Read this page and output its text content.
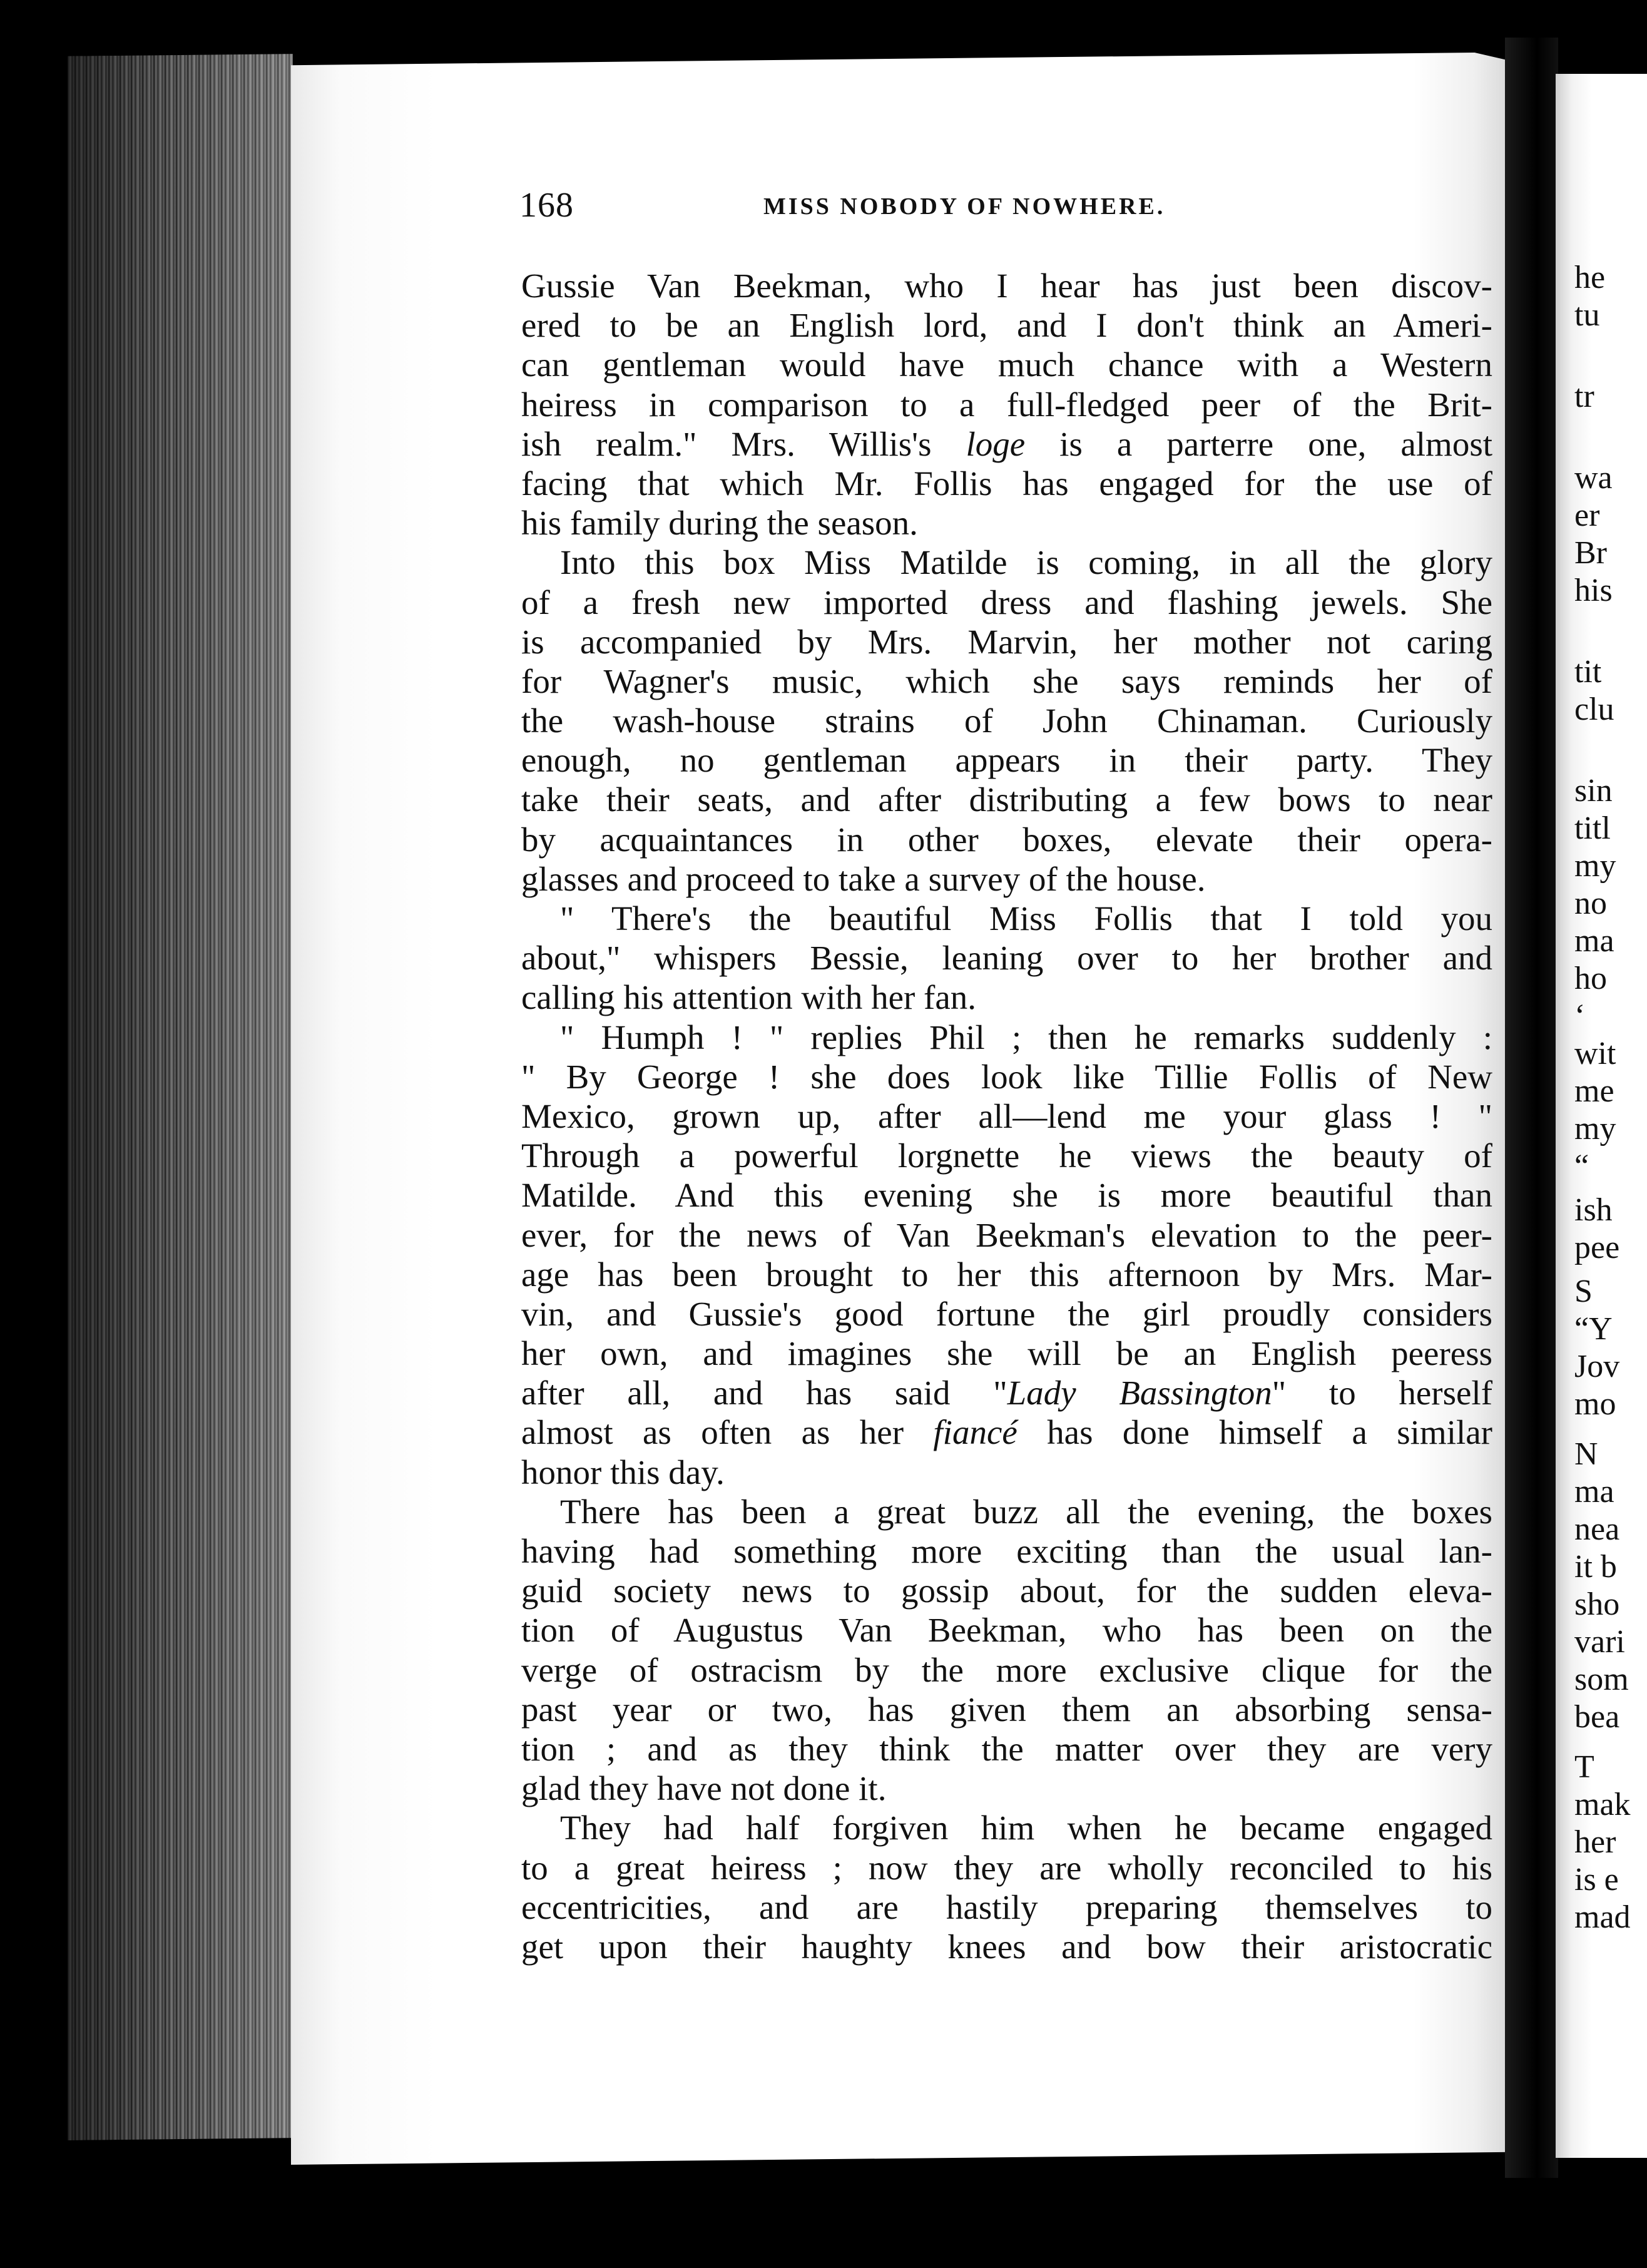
he
tu
tr
wa
er
Br
his
tit
clu
sin
titl
my
no
ma
ho
‘
wit
me
my
“
ish
pee
S
“Y
Jov
mo
N
ma
nea
it b
sho
vari
som
bea
T
mak
her
is e
mad
168	MISS NOBODY OF NOWHERE.
Gussie Van Beekman, who I hear has just been discov-
ered to be an English lord, and I don't think an Ameri-
can gentleman would have much chance with a Western
heiress in comparison to a full-fledged peer of the Brit-
ish realm." Mrs. Willis's loge is a parterre one, almost
facing that which Mr. Follis has engaged for the use of
his family during the season.
Into this box Miss Matilde is coming, in all the glory
of a fresh new imported dress and flashing jewels. She
is accompanied by Mrs. Marvin, her mother not caring
for Wagner's music, which she says reminds her of
the wash-house strains of John Chinaman. Curiously
enough, no gentleman appears in their party. They
take their seats, and after distributing a few bows to near
by acquaintances in other boxes, elevate their opera-
glasses and proceed to take a survey of the house.
" There's the beautiful Miss Follis that I told you
about," whispers Bessie, leaning over to her brother and
calling his attention with her fan.
" Humph ! " replies Phil ; then he remarks suddenly :
" By George ! she does look like Tillie Follis of New
Mexico, grown up, after all—lend me your glass ! "
Through a powerful lorgnette he views the beauty of
Matilde. And this evening she is more beautiful than
ever, for the news of Van Beekman's elevation to the peer-
age has been brought to her this afternoon by Mrs. Mar-
vin, and Gussie's good fortune the girl proudly considers
her own, and imagines she will be an English peeress
after all, and has said "Lady Bassington" to herself
almost as often as her fiancé has done himself a similar
honor this day.
There has been a great buzz all the evening, the boxes
having had something more exciting than the usual lan-
guid society news to gossip about, for the sudden eleva-
tion of Augustus Van Beekman, who has been on the
verge of ostracism by the more exclusive clique for the
past year or two, has given them an absorbing sensa-
tion ; and as they think the matter over they are very
glad they have not done it.
They had half forgiven him when he became engaged
to a great heiress ; now they are wholly reconciled to his
eccentricities, and are hastily preparing themselves to
get upon their haughty knees and bow their aristocratic
